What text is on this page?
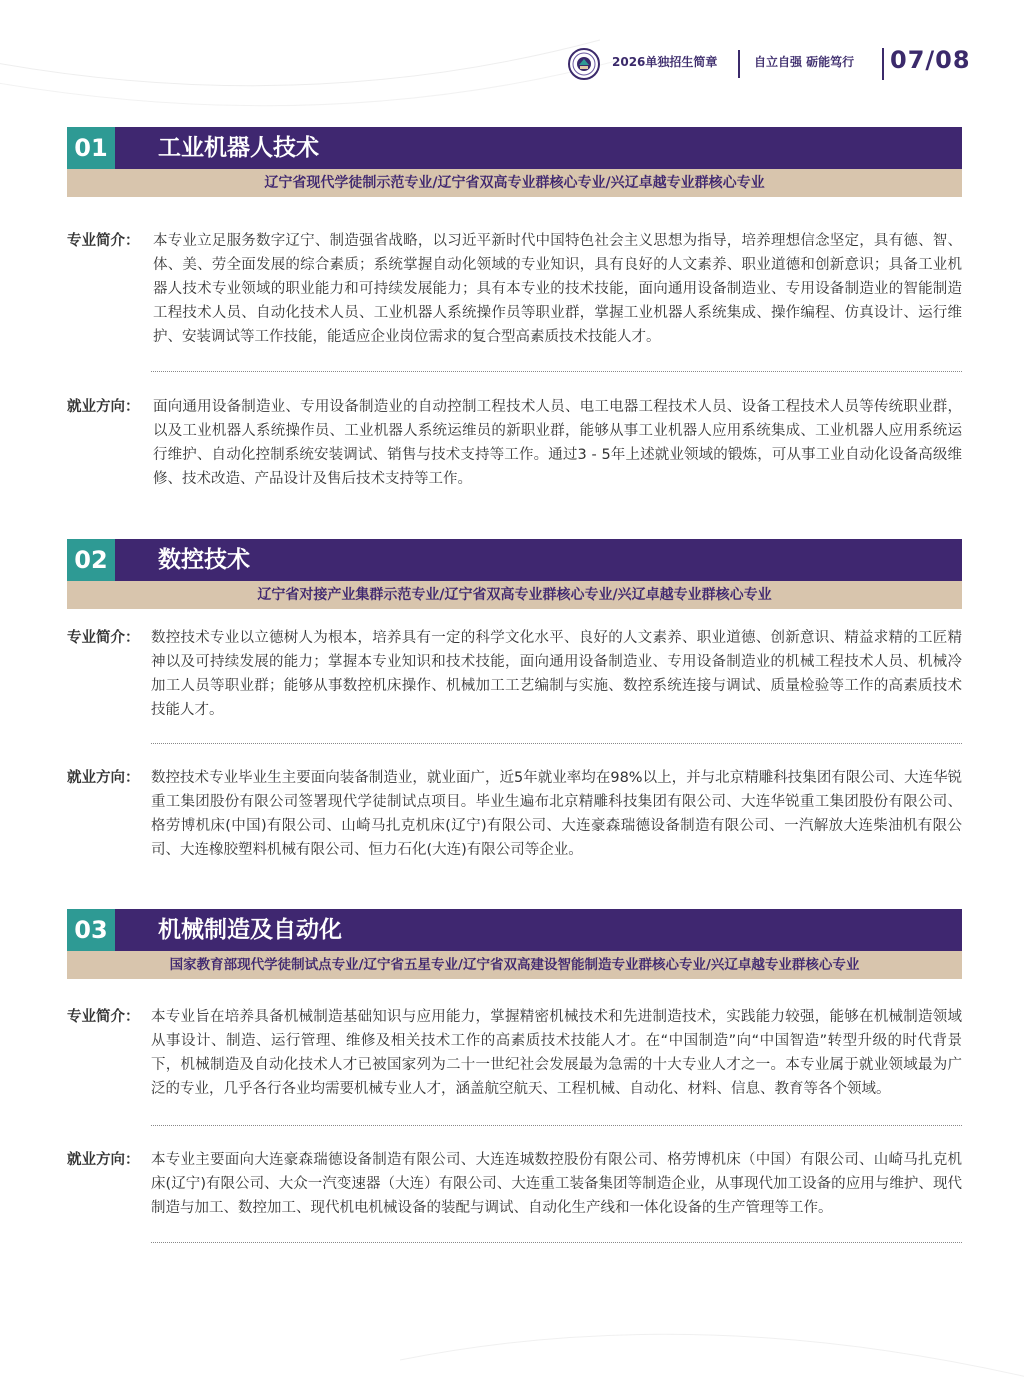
2026单独招生简章	自立自强 砺能笃行 07/08
01	工业机器人技术
辽宁省现代学徒制示范专业/辽宁省双高专业群核心专业/兴辽卓越专业群核心专业
专业简介： 本专业立足服务数字辽宁、制造强省战略，以习近平新时代中国特色社会主义思想为指导，培养理想信念坚定，具有德、智、体、美、劳全面发展的综合素质；系统掌握自动化领域的专业知识，具有良好的人文素养、职业道德和创新意识；具备工业机器人技术专业领域的职业能力和可持续发展能力；具有本专业的技术技能，面向通用设备制造业、专用设备制造业的智能制造工程技术人员、自动化技术人员、工业机器人系统操作员等职业群，掌握工业机器人系统集成、操作编程、仿真设计、运行维护、安装调试等工作技能，能适应企业岗位需求的复合型高素质技术技能人才。
就业方向： 面向通用设备制造业、专用设备制造业的自动控制工程技术人员、电工电器工程技术人员、设备工程技术人员等传统职业群，以及工业机器人系统操作员、工业机器人系统运维员的新职业群，能够从事工业机器人应用系统集成、工业机器人应用系统运行维护、自动化控制系统安装调试、销售与技术支持等工作。通过3 - 5年上述就业领域的锻炼，可从事工业自动化设备高级维修、技术改造、产品设计及售后技术支持等工作。
02	数控技术
辽宁省对接产业集群示范专业/辽宁省双高专业群核心专业/兴辽卓越专业群核心专业
专业简介： 数控技术专业以立德树人为根本，培养具有一定的科学文化水平、良好的人文素养、职业道德、创新意识、精益求精的工匠精神以及可持续发展的能力；掌握本专业知识和技术技能，面向通用设备制造业、专用设备制造业的机械工程技术人员、机械冷加工人员等职业群；能够从事数控机床操作、机械加工工艺编制与实施、数控系统连接与调试、质量检验等工作的高素质技术技能人才。
就业方向： 数控技术专业毕业生主要面向装备制造业，就业面广，近5年就业率均在98%以上，并与北京精雕科技集团有限公司、大连华锐重工集团股份有限公司签署现代学徒制试点项目。毕业生遍布北京精雕科技集团有限公司、大连华锐重工集团股份有限公司、格劳博机床(中国)有限公司、山崎马扎克机床(辽宁)有限公司、大连豪森瑞德设备制造有限公司、一汽解放大连柴油机有限公司、大连橡胶塑料机械有限公司、恒力石化(大连)有限公司等企业。
03	机械制造及自动化
国家教育部现代学徒制试点专业/辽宁省五星专业/辽宁省双高建设智能制造专业群核心专业/兴辽卓越专业群核心专业
专业简介： 本专业旨在培养具备机械制造基础知识与应用能力，掌握精密机械技术和先进制造技术，实践能力较强，能够在机械制造领域从事设计、制造、运行管理、维修及相关技术工作的高素质技术技能人才。在“中国制造”向“中国智造”转型升级的时代背景下，机械制造及自动化技术人才已被国家列为二十一世纪社会发展最为急需的十大专业人才之一。本专业属于就业领域最为广泛的专业，几乎各行各业均需要机械专业人才，涵盖航空航天、工程机械、自动化、材料、信息、教育等各个领域。
就业方向： 本专业主要面向大连豪森瑞德设备制造有限公司、大连连城数控股份有限公司、格劳博机床（中国）有限公司、山崎马扎克机床(辽宁)有限公司、大众一汽变速器（大连）有限公司、大连重工装备集团等制造企业，从事现代加工设备的应用与维护、现代制造与加工、数控加工、现代机电机械设备的装配与调试、自动化生产线和一体化设备的生产管理等工作。
